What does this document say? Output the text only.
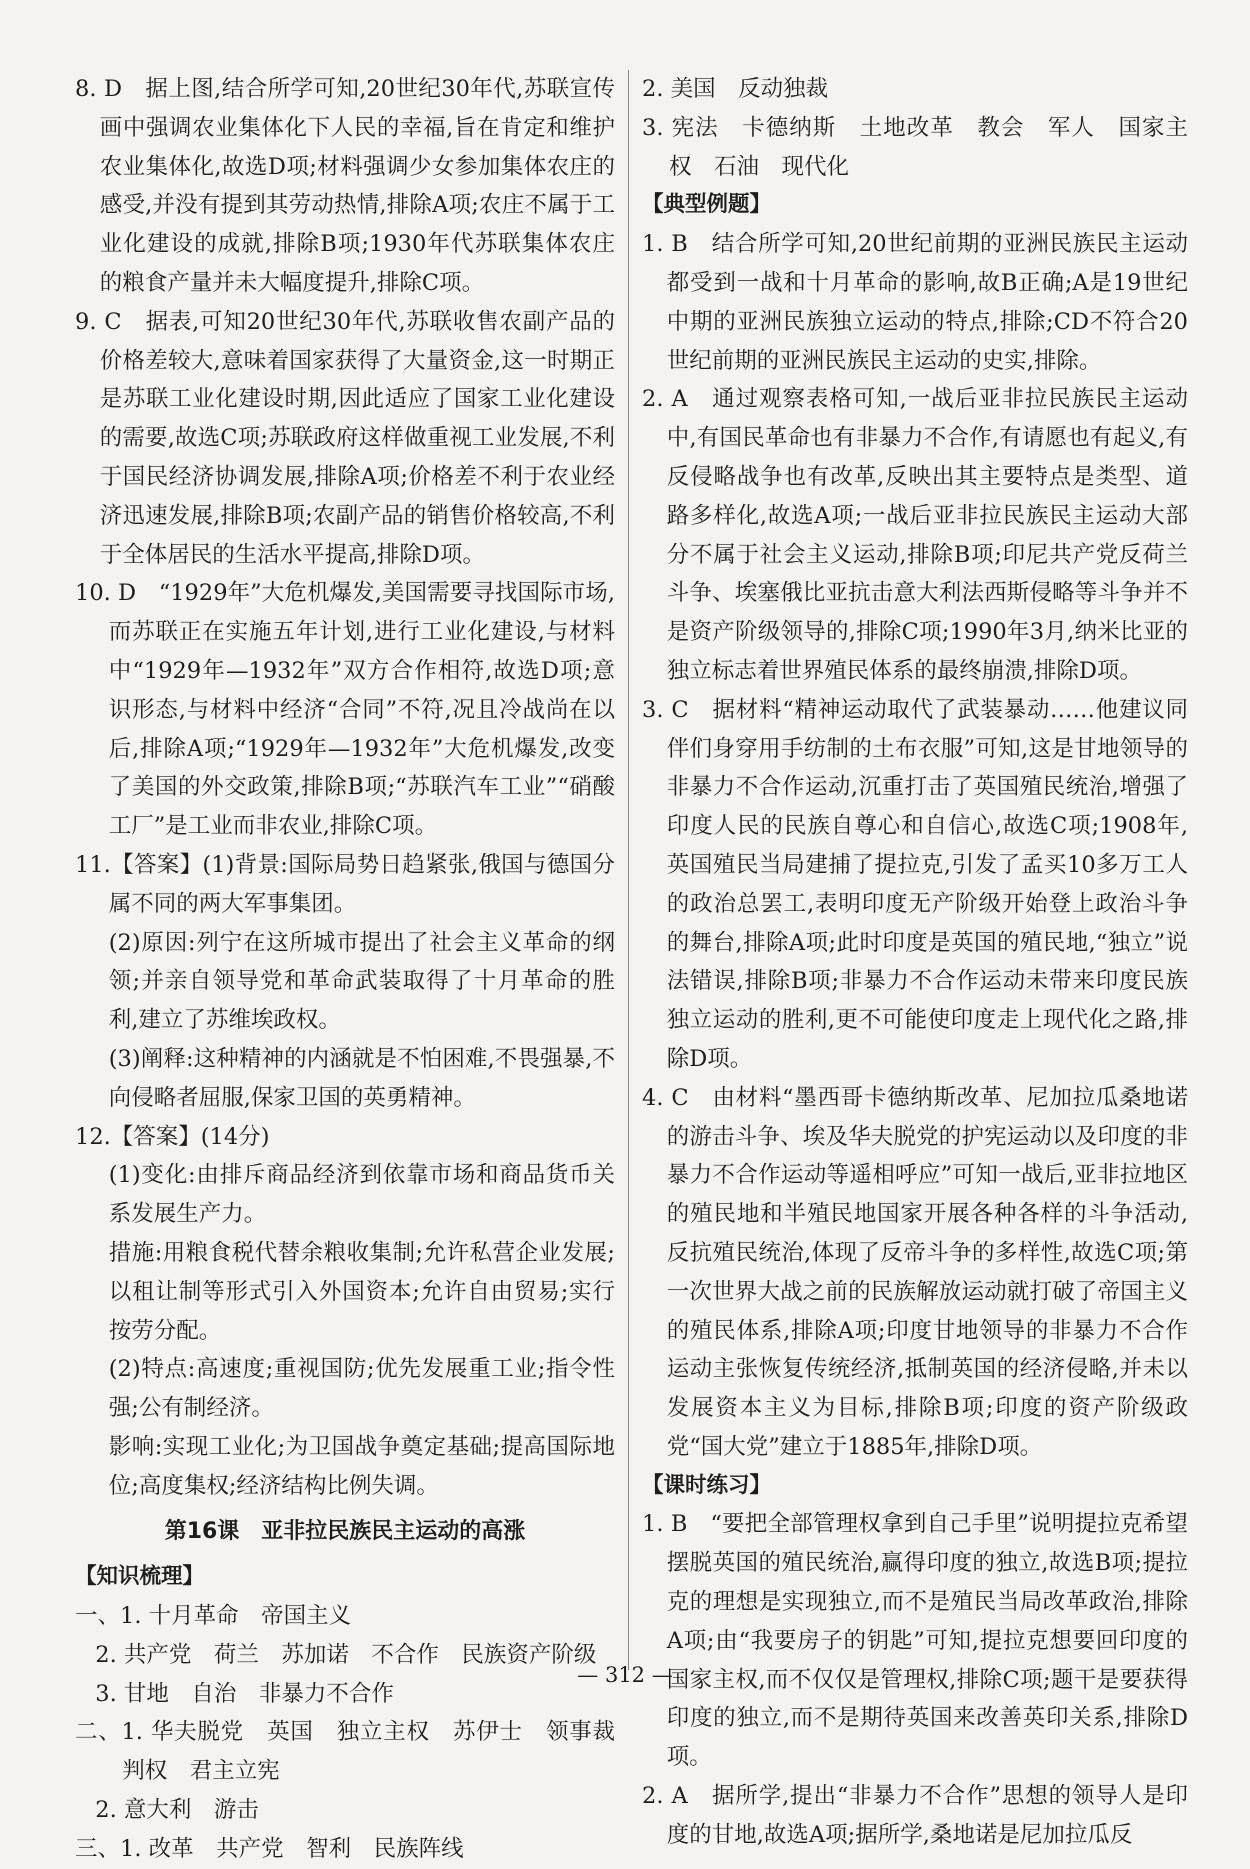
8. D　据上图,结合所学可知,20世纪30年代,苏联宣传画中强调农业集体化下人民的幸福,旨在肯定和维护农业集体化,故选D项;材料强调少女参加集体农庄的感受,并没有提到其劳动热情,排除A项;农庄不属于工业化建设的成就,排除B项;1930年代苏联集体农庄的粮食产量并未大幅度提升,排除C项。

9. C　据表,可知20世纪30年代,苏联收售农副产品的价格差较大,意味着国家获得了大量资金,这一时期正是苏联工业化建设时期,因此适应了国家工业化建设的需要,故选C项;苏联政府这样做重视工业发展,不利于国民经济协调发展,排除A项;价格差不利于农业经济迅速发展,排除B项;农副产品的销售价格较高,不利于全体居民的生活水平提高,排除D项。

10. D　“1929年”大危机爆发,美国需要寻找国际市场,而苏联正在实施五年计划,进行工业化建设,与材料中“1929年—1932年”双方合作相符,故选D项;意识形态,与材料中经济“合同”不符,况且冷战尚在以后,排除A项;“1929年—1932年”大危机爆发,改变了美国的外交政策,排除B项;“苏联汽车工业”“硝酸工厂”是工业而非农业,排除C项。

11.【答案】(1)背景:国际局势日趋紧张,俄国与德国分属不同的两大军事集团。

(2)原因:列宁在这所城市提出了社会主义革命的纲领;并亲自领导党和革命武装取得了十月革命的胜利,建立了苏维埃政权。

(3)阐释:这种精神的内涵就是不怕困难,不畏强暴,不向侵略者屈服,保家卫国的英勇精神。

12.【答案】(14分)

(1)变化:由排斥商品经济到依靠市场和商品货币关系发展生产力。

措施:用粮食税代替余粮收集制;允许私营企业发展;以租让制等形式引入外国资本;允许自由贸易;实行按劳分配。

(2)特点:高速度;重视国防;优先发展重工业;指令性强;公有制经济。

影响:实现工业化;为卫国战争奠定基础;提高国际地位;高度集权;经济结构比例失调。

第16课　亚非拉民族民主运动的高涨

【知识梳理】

一、1. 十月革命　帝国主义

2. 共产党　荷兰　苏加诺　不合作　民族资产阶级

3. 甘地　自治　非暴力不合作

二、1. 华夫脱党　英国　独立主权　苏伊士　领事裁判权　君主立宪

2. 意大利　游击

三、1. 改革　共产党　智利　民族阵线

2. 美国　反动独裁

3. 宪法　卡德纳斯　土地改革　教会　军人　国家主权　石油　现代化

【典型例题】

1. B　结合所学可知,20世纪前期的亚洲民族民主运动都受到一战和十月革命的影响,故B正确;A是19世纪中期的亚洲民族独立运动的特点,排除;CD不符合20世纪前期的亚洲民族民主运动的史实,排除。

2. A　通过观察表格可知,一战后亚非拉民族民主运动中,有国民革命也有非暴力不合作,有请愿也有起义,有反侵略战争也有改革,反映出其主要特点是类型、道路多样化,故选A项;一战后亚非拉民族民主运动大部分不属于社会主义运动,排除B项;印尼共产党反荷兰斗争、埃塞俄比亚抗击意大利法西斯侵略等斗争并不是资产阶级领导的,排除C项;1990年3月,纳米比亚的独立标志着世界殖民体系的最终崩溃,排除D项。

3. C　据材料“精神运动取代了武装暴动……他建议同伴们身穿用手纺制的土布衣服”可知,这是甘地领导的非暴力不合作运动,沉重打击了英国殖民统治,增强了印度人民的民族自尊心和自信心,故选C项;1908年,英国殖民当局建捕了提拉克,引发了孟买10多万工人的政治总罢工,表明印度无产阶级开始登上政治斗争的舞台,排除A项;此时印度是英国的殖民地,“独立”说法错误,排除B项;非暴力不合作运动未带来印度民族独立运动的胜利,更不可能使印度走上现代化之路,排除D项。

4. C　由材料“墨西哥卡德纳斯改革、尼加拉瓜桑地诺的游击斗争、埃及华夫脱党的护宪运动以及印度的非暴力不合作运动等遥相呼应”可知一战后,亚非拉地区的殖民地和半殖民地国家开展各种各样的斗争活动,反抗殖民统治,体现了反帝斗争的多样性,故选C项;第一次世界大战之前的民族解放运动就打破了帝国主义的殖民体系,排除A项;印度甘地领导的非暴力不合作运动主张恢复传统经济,抵制英国的经济侵略,并未以发展资本主义为目标,排除B项;印度的资产阶级政党“国大党”建立于1885年,排除D项。

【课时练习】

1. B　“要把全部管理权拿到自己手里”说明提拉克希望摆脱英国的殖民统治,赢得印度的独立,故选B项;提拉克的理想是实现独立,而不是殖民当局改革政治,排除A项;由“我要房子的钥匙”可知,提拉克想要回印度的国家主权,而不仅仅是管理权,排除C项;题干是要获得印度的独立,而不是期待英国来改善英印关系,排除D项。

2. A　据所学,提出“非暴力不合作”思想的领导人是印度的甘地,故选A项;据所学,桑地诺是尼加拉瓜反

— 312 —
